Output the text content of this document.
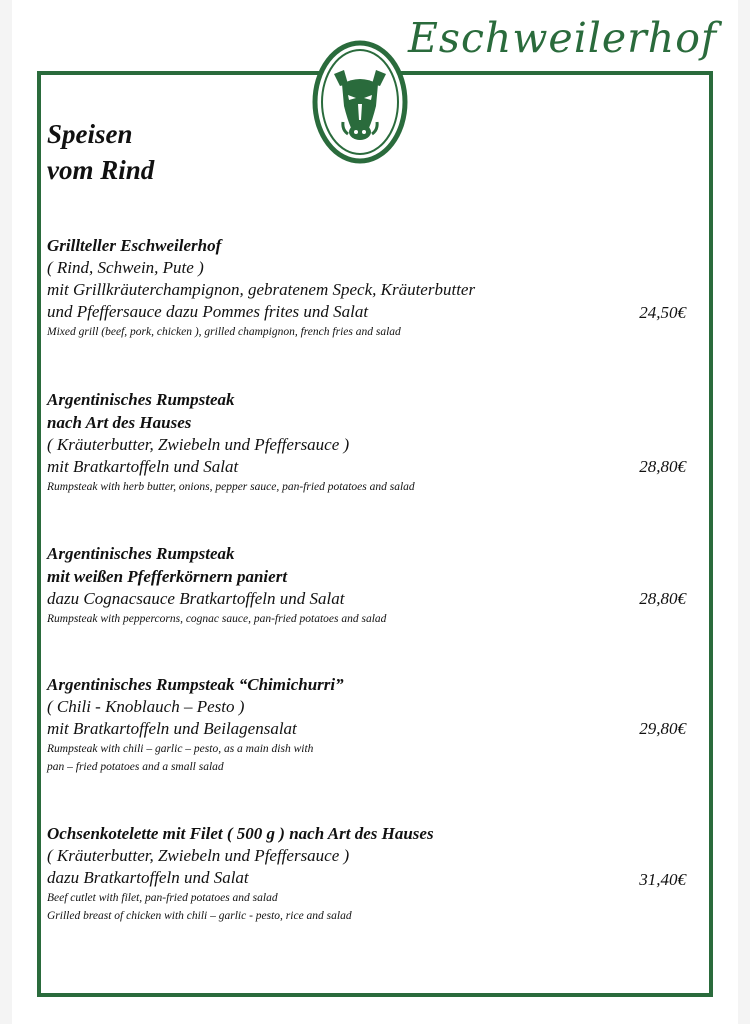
Eschweilerhof
Speisen
vom Rind
Grillteller Eschweilerhof
( Rind, Schwein, Pute )
mit Grillkräuterchampignon, gebratenem Speck, Kräuterbutter
und Pfeffersauce dazu Pommes frites und Salat
Mixed grill (beef, pork, chicken ), grilled champignon, french fries and salad
24,50€
Argentinisches Rumpsteak
nach Art des Hauses
( Kräuterbutter, Zwiebeln und Pfeffersauce )
mit Bratkartoffeln und Salat
Rumpsteak with herb butter, onions, pepper sauce, pan-fried potatoes and salad
28,80€
Argentinisches Rumpsteak
mit weißen Pfefferkörnern paniert
dazu Cognacsauce Bratkartoffeln und Salat
Rumpsteak with peppercorns, cognac sauce, pan-fried potatoes and salad
28,80€
Argentinisches Rumpsteak “Chimichurri”
( Chili - Knoblauch – Pesto )
mit Bratkartoffeln und Beilagensalat
Rumpsteak with chili – garlic – pesto, as a main dish with
pan – fried potatoes and a small salad
29,80€
Ochsenkotelette mit Filet ( 500 g ) nach Art des Hauses
( Kräuterbutter, Zwiebeln und Pfeffersauce )
dazu Bratkartoffeln und Salat
Beef cutlet with filet, pan-fried potatoes and salad
Grilled breast of chicken with chili – garlic - pesto, rice and salad
31,40€
